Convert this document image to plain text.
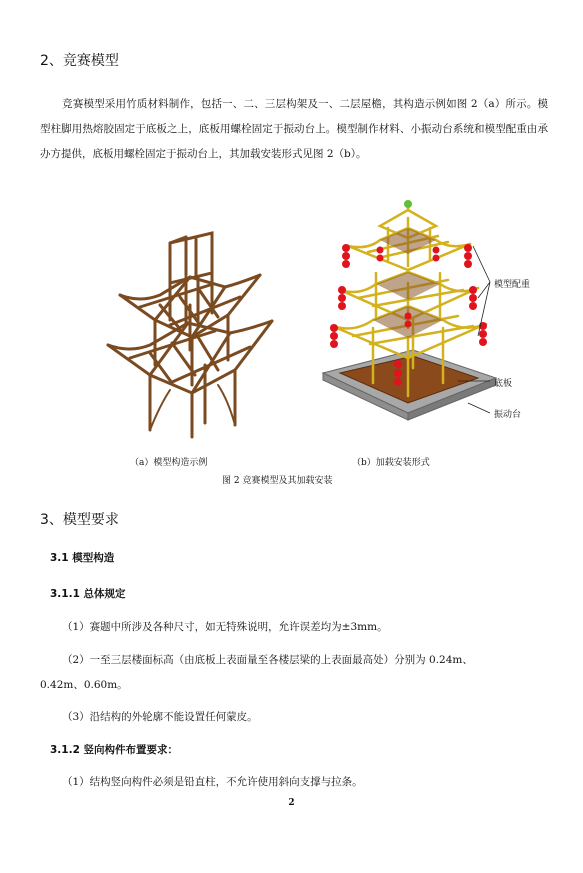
2、竞赛模型
竞赛模型采用竹质材料制作，包括一、二、三层构架及一、二层屋檐，其构造示例如图 2（a）所示。模型柱脚用热熔胶固定于底板之上，底板用螺栓固定于振动台上。模型制作材料、小振动台系统和模型配重由承办方提供，底板用螺栓固定于振动台上，其加载安装形式见图 2（b）。
模型配重
底板
振动台
（a）模型构造示例	（b）加载安装形式
图 2 竞赛模型及其加载安装
3、模型要求
3.1 模型构造
3.1.1 总体规定
（1）赛题中所涉及各种尺寸，如无特殊说明，允许误差均为±3mm。
（2）一至三层楼面标高（由底板上表面量至各楼层梁的上表面最高处）分别为 0.24m、
0.42m、0.60m。
（3）沿结构的外轮廓不能设置任何蒙皮。
3.1.2 竖向构件布置要求：
（1）结构竖向构件必须是铅直柱，不允许使用斜向支撑与拉条。
2
